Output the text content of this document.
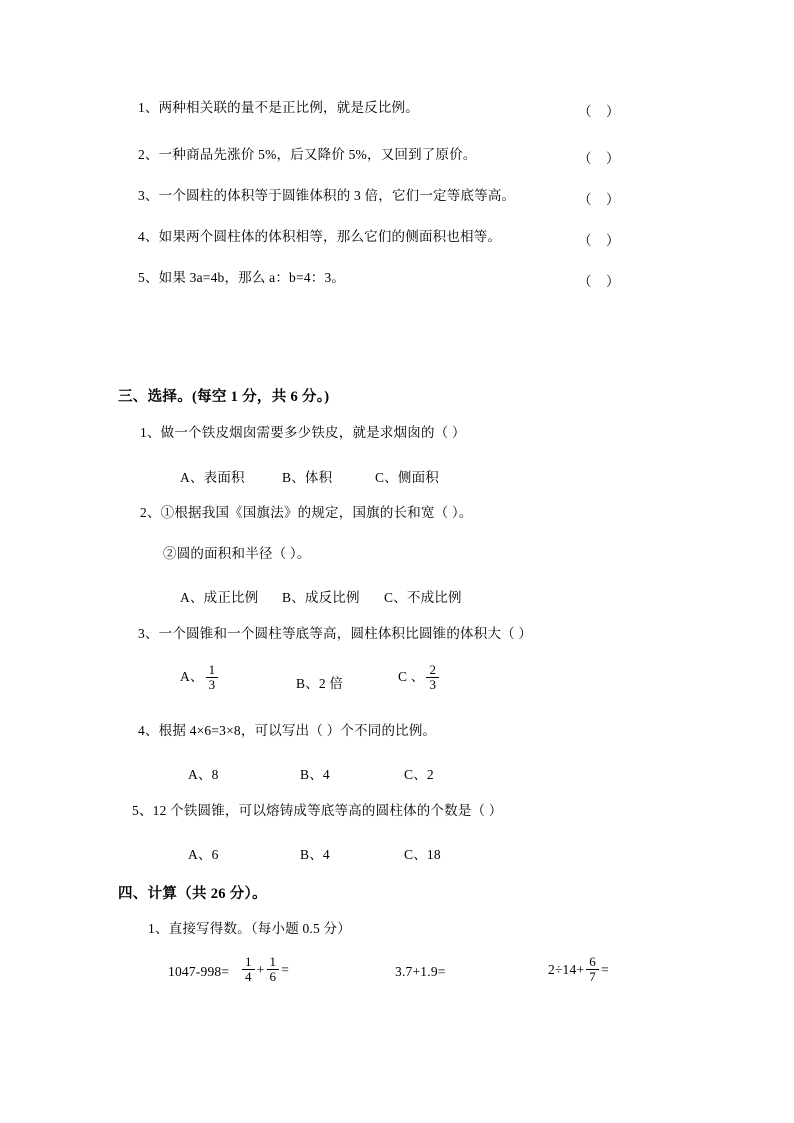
1、两种相关联的量不是正比例，就是反比例。	（    ）
2、一种商品先涨价 5%，后又降价 5%，又回到了原价。	（    ）
3、一个圆柱的体积等于圆锥体积的 3 倍，它们一定等底等高。	（    ）
4、如果两个圆柱体的体积相等，那么它们的侧面积也相等。	（    ）
5、如果 3a=4b，那么 a：b=4：3。	（    ）
三、选择。(每空 1 分，共 6 分。)
1、做一个铁皮烟囱需要多少铁皮，就是求烟囱的（ ）
A、表面积	B、体积	C、侧面积
2、①根据我国《国旗法》的规定，国旗的长和宽（ ）。
②圆的面积和半径（ ）。
A、成正比例 B、成反比例 C、不成比例
3、一个圆锥和一个圆柱等底等高，圆柱体积比圆锥的体积大（ ）
A、 $\frac{1}{3}$	B、2 倍	C 、 $\frac{2}{3}$
4、根据 4×6=3×8，可以写出（ ）个不同的比例。
A、8	B、4	C、2
5、12 个铁圆锥，可以熔铸成等底等高的圆柱体的个数是（ ）
A、6	B、4	C、18
四、计算（共 26 分）。
1、直接写得数。（每小题 0.5 分）
$1047-998= \frac{1}{4} + \frac{1}{6}$ =	3.7+1.9=	$2\div 14+ \frac{6}{7}$ =
